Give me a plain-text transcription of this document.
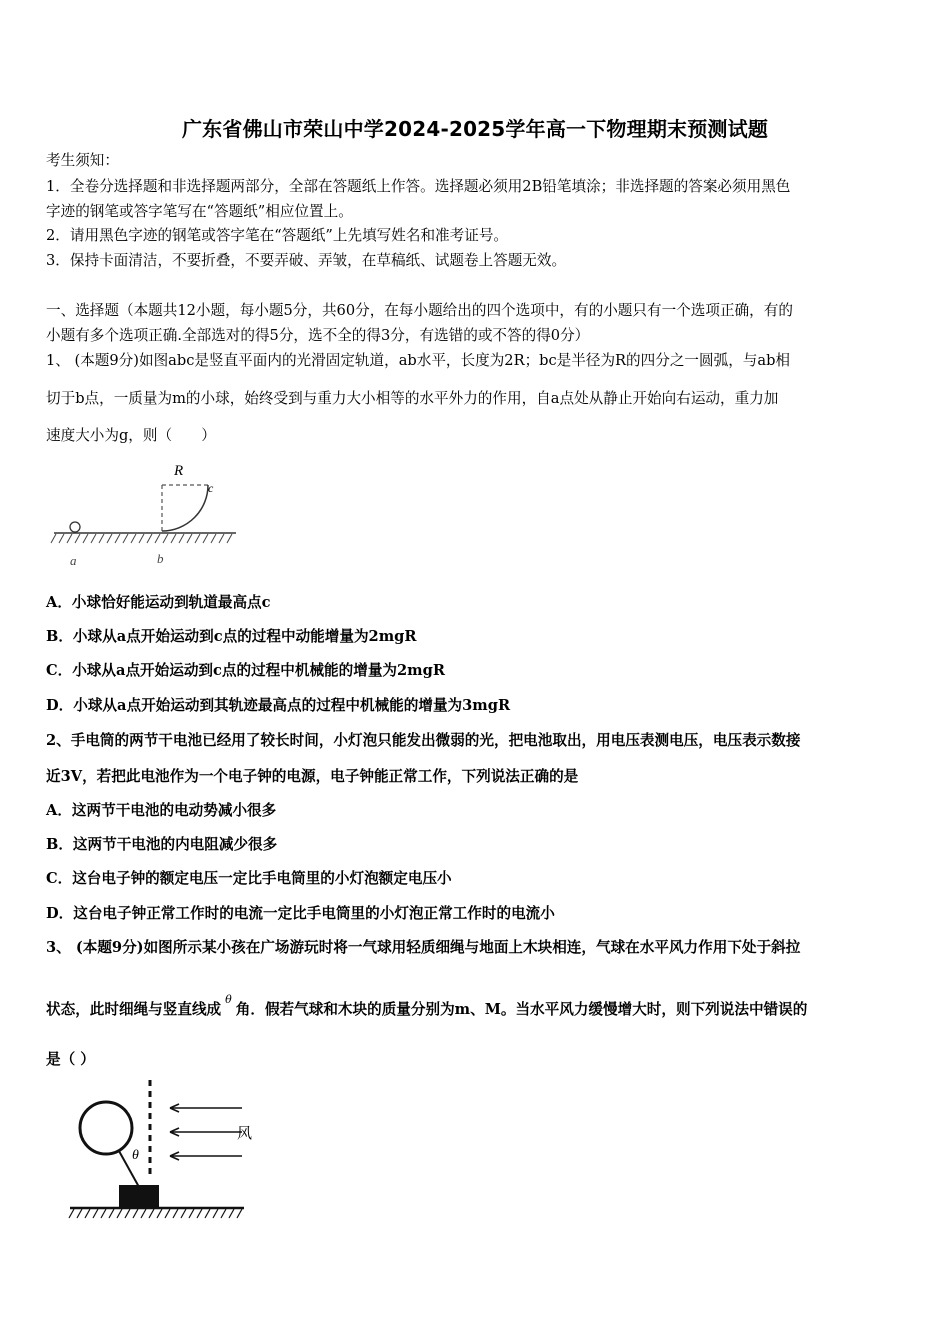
广东省佛山市荣山中学2024-2025学年高一下物理期末预测试题
考生须知：
1．全卷分选择题和非选择题两部分，全部在答题纸上作答。选择题必须用2B铅笔填涂；非选择题的答案必须用黑色
字迹的钢笔或答字笔写在“答题纸”相应位置上。
2．请用黑色字迹的钢笔或答字笔在“答题纸”上先填写姓名和准考证号。
3．保持卡面清洁，不要折叠，不要弄破、弄皱，在草稿纸、试题卷上答题无效。
一、选择题（本题共12小题，每小题5分，共60分，在每小题给出的四个选项中，有的小题只有一个选项正确，有的
小题有多个选项正确.全部选对的得5分，选不全的得3分，有选错的或不答的得0分）
1、 (本题9分)如图abc是竖直平面内的光滑固定轨道，ab水平，长度为2R；bc是半径为R的四分之一圆弧，与ab相
切于b点，一质量为m的小球，始终受到与重力大小相等的水平外力的作用，自a点处从静止开始向右运动，重力加
速度大小为g，则（　　）
R
c
a	b
A．小球恰好能运动到轨道最高点c
B．小球从a点开始运动到c点的过程中动能增量为2mgR
C．小球从a点开始运动到c点的过程中机械能的增量为2mgR
D．小球从a点开始运动到其轨迹最高点的过程中机械能的增量为3mgR
2、手电筒的两节干电池已经用了较长时间，小灯泡只能发出微弱的光，把电池取出，用电压表测电压，电压表示数接
近3V，若把此电池作为一个电子钟的电源，电子钟能正常工作，下列说法正确的是
A．这两节干电池的电动势减小很多
B．这两节干电池的内电阻减少很多
C．这台电子钟的额定电压一定比手电筒里的小灯泡额定电压小
D．这台电子钟正常工作时的电流一定比手电筒里的小灯泡正常工作时的电流小
3、 (本题9分)如图所示某小孩在广场游玩时将一气球用轻质细绳与地面上木块相连，气球在水平风力作用下处于斜拉
状态，此时细绳与竖直线成$^\theta$角．假若气球和木块的质量分别为m、M。当水平风力缓慢增大时，则下列说法中错误的
是（ ）
θ
风
